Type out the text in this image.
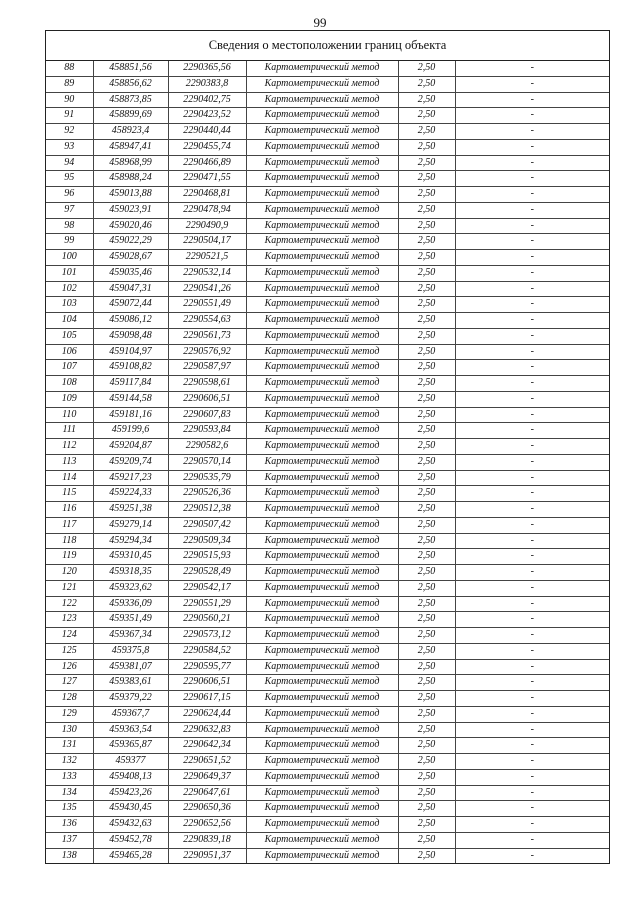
99
Сведения о местоположении границ объекта
88	458851,56	2290365,56	Картометрический метод	2,50	-
89	458856,62	2290383,8	Картометрический метод	2,50	-
90	458873,85	2290402,75	Картометрический метод	2,50	-
91	458899,69	2290423,52	Картометрический метод	2,50	-
92	458923,4	2290440,44	Картометрический метод	2,50	-
93	458947,41	2290455,74	Картометрический метод	2,50	-
94	458968,99	2290466,89	Картометрический метод	2,50	-
95	458988,24	2290471,55	Картометрический метод	2,50	-
96	459013,88	2290468,81	Картометрический метод	2,50	-
97	459023,91	2290478,94	Картометрический метод	2,50	-
98	459020,46	2290490,9	Картометрический метод	2,50	-
99	459022,29	2290504,17	Картометрический метод	2,50	-
100	459028,67	2290521,5	Картометрический метод	2,50	-
101	459035,46	2290532,14	Картометрический метод	2,50	-
102	459047,31	2290541,26	Картометрический метод	2,50	-
103	459072,44	2290551,49	Картометрический метод	2,50	-
104	459086,12	2290554,63	Картометрический метод	2,50	-
105	459098,48	2290561,73	Картометрический метод	2,50	-
106	459104,97	2290576,92	Картометрический метод	2,50	-
107	459108,82	2290587,97	Картометрический метод	2,50	-
108	459117,84	2290598,61	Картометрический метод	2,50	-
109	459144,58	2290606,51	Картометрический метод	2,50	-
110	459181,16	2290607,83	Картометрический метод	2,50	-
111	459199,6	2290593,84	Картометрический метод	2,50	-
112	459204,87	2290582,6	Картометрический метод	2,50	-
113	459209,74	2290570,14	Картометрический метод	2,50	-
114	459217,23	2290535,79	Картометрический метод	2,50	-
115	459224,33	2290526,36	Картометрический метод	2,50	-
116	459251,38	2290512,38	Картометрический метод	2,50	-
117	459279,14	2290507,42	Картометрический метод	2,50	-
118	459294,34	2290509,34	Картометрический метод	2,50	-
119	459310,45	2290515,93	Картометрический метод	2,50	-
120	459318,35	2290528,49	Картометрический метод	2,50	-
121	459323,62	2290542,17	Картометрический метод	2,50	-
122	459336,09	2290551,29	Картометрический метод	2,50	-
123	459351,49	2290560,21	Картометрический метод	2,50	-
124	459367,34	2290573,12	Картометрический метод	2,50	-
125	459375,8	2290584,52	Картометрический метод	2,50	-
126	459381,07	2290595,77	Картометрический метод	2,50	-
127	459383,61	2290606,51	Картометрический метод	2,50	-
128	459379,22	2290617,15	Картометрический метод	2,50	-
129	459367,7	2290624,44	Картометрический метод	2,50	-
130	459363,54	2290632,83	Картометрический метод	2,50	-
131	459365,87	2290642,34	Картометрический метод	2,50	-
132	459377	2290651,52	Картометрический метод	2,50	-
133	459408,13	2290649,37	Картометрический метод	2,50	-
134	459423,26	2290647,61	Картометрический метод	2,50	-
135	459430,45	2290650,36	Картометрический метод	2,50	-
136	459432,63	2290652,56	Картометрический метод	2,50	-
137	459452,78	2290839,18	Картометрический метод	2,50	-
138	459465,28	2290951,37	Картометрический метод	2,50	-
